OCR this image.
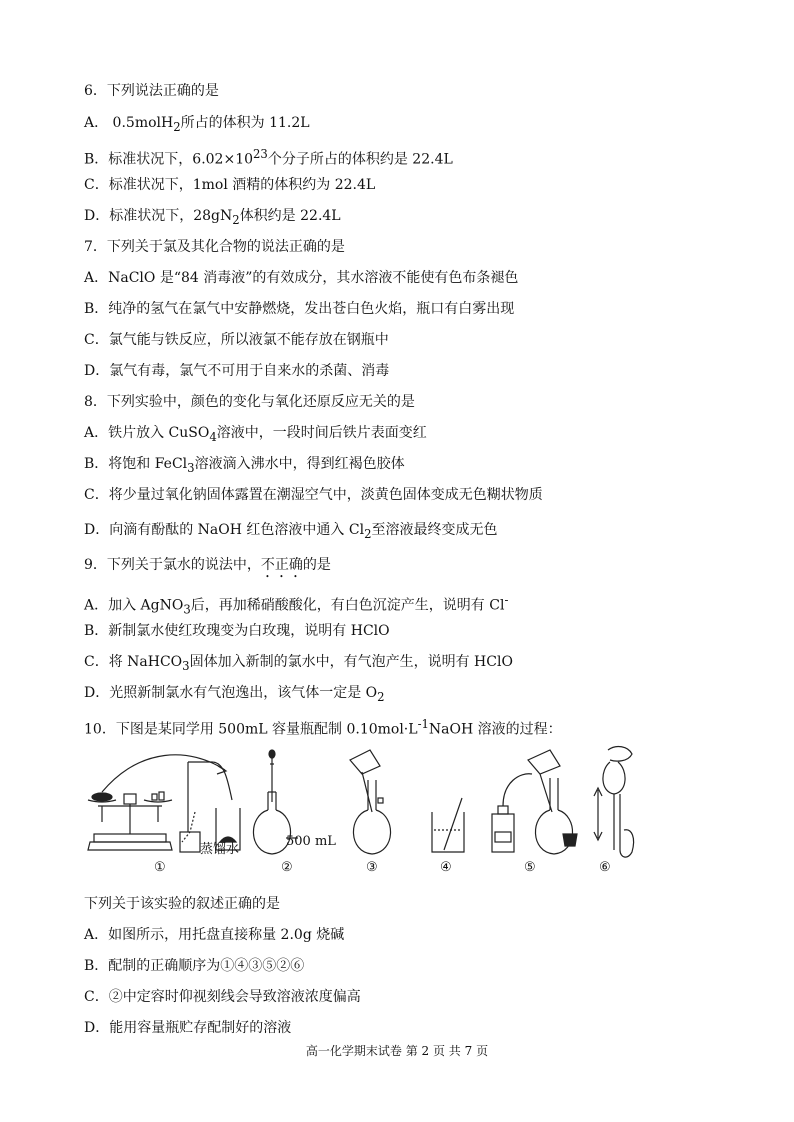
6．下列说法正确的是
A． 0.5molH$_2$所占的体积为 11.2L
B．标准状况下，$6.02\times 10^{23}$个分子所占的体积约是 22.4L
C．标准状况下，1mol 酒精的体积约为 22.4L
D．标准状况下，$28gN_2$体积约是 22.4L
7．下列关于氯及其化合物的说法正确的是
A．NaClO 是“84 消毒液”的有效成分，其水溶液不能使有色布条褪色
B．纯净的氢气在氯气中安静燃烧，发出苍白色火焰，瓶口有白雾出现
C．氯气能与铁反应，所以液氯不能存放在钢瓶中
D．氯气有毒，氯气不可用于自来水的杀菌、消毒
8．下列实验中，颜色的变化与氧化还原反应无关的是
A．铁片放入 CuSO$_4$溶液中，一段时间后铁片表面变红
B．将饱和 FeCl$_3$溶液滴入沸水中，得到红褐色胶体
C．将少量过氧化钠固体露置在潮湿空气中，淡黄色固体变成无色糊状物质
D．向滴有酚酞的 NaOH 红色溶液中通入 $Cl_2$至溶液最终变成无色
9．下列关于氯水的说法中，不正确的是
A．加入 AgNO$_3$后，再加稀硝酸酸化，有白色沉淀产生，说明有 Cl-
B．新制氯水使红玫瑰变为白玫瑰，说明有 HClO
C．将 NaHCO$_3$固体加入新制的氯水中，有气泡产生，说明有 HClO
D．光照新制氯水有气泡逸出，该气体一定是 $O_2$
10．下图是某同学用 500mL 容量瓶配制 $0.10mol\cdot L^{-1}NaOH$ 溶液的过程：
蒸馏水
500 mL
①	②	③	④	⑤	⑥
下列关于该实验的叙述正确的是
A．如图所示，用托盘直接称量 2.0g 烧碱
B．配制的正确顺序为①④③⑤②⑥
C．②中定容时仰视刻线会导致溶液浓度偏高
D．能用容量瓶贮存配制好的溶液
高一化学期末试卷 第 2 页 共 7 页
